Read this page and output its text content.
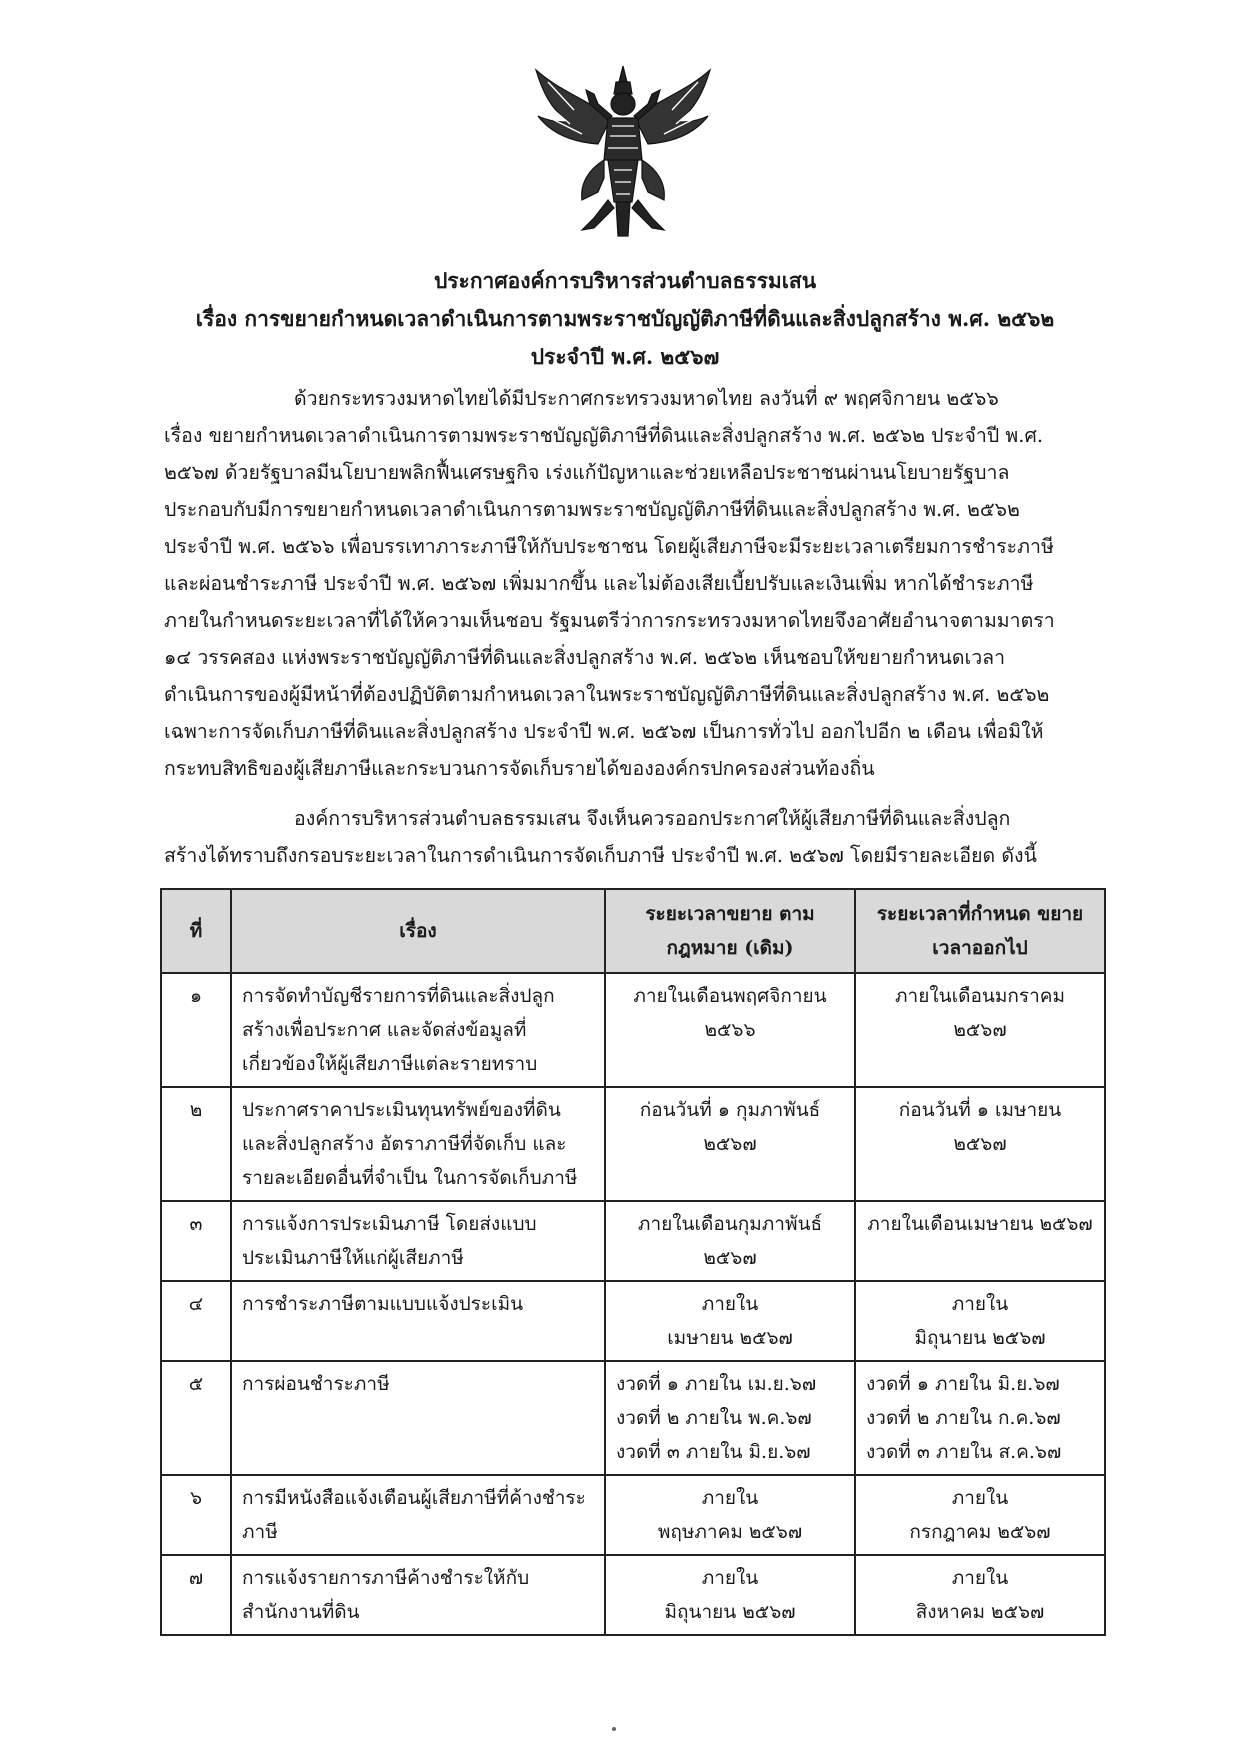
ประกาศองค์การบริหารส่วนตำบลธรรมเสน
เรื่อง การขยายกำหนดเวลาดำเนินการตามพระราชบัญญัติภาษีที่ดินและสิ่งปลูกสร้าง พ.ศ. ๒๕๖๒
ประจำปี พ.ศ. ๒๕๖๗
ด้วยกระทรวงมหาดไทยได้มีประกาศกระทรวงมหาดไทย ลงวันที่ ๙ พฤศจิกายน ๒๕๖๖
เรื่อง ขยายกำหนดเวลาดำเนินการตามพระราชบัญญัติภาษีที่ดินและสิ่งปลูกสร้าง พ.ศ. ๒๕๖๒ ประจำปี พ.ศ.
๒๕๖๗ ด้วยรัฐบาลมีนโยบายพลิกฟื้นเศรษฐกิจ เร่งแก้ปัญหาและช่วยเหลือประชาชนผ่านนโยบายรัฐบาล
ประกอบกับมีการขยายกำหนดเวลาดำเนินการตามพระราชบัญญัติภาษีที่ดินและสิ่งปลูกสร้าง พ.ศ. ๒๕๖๒
ประจำปี พ.ศ. ๒๕๖๖ เพื่อบรรเทาภาระภาษีให้กับประชาชน โดยผู้เสียภาษีจะมีระยะเวลาเตรียมการชำระภาษี
และผ่อนชำระภาษี ประจำปี พ.ศ. ๒๕๖๗ เพิ่มมากขึ้น และไม่ต้องเสียเบี้ยปรับและเงินเพิ่ม หากได้ชำระภาษี
ภายในกำหนดระยะเวลาที่ได้ให้ความเห็นชอบ รัฐมนตรีว่าการกระทรวงมหาดไทยจึงอาศัยอำนาจตามมาตรา
๑๔ วรรคสอง แห่งพระราชบัญญัติภาษีที่ดินและสิ่งปลูกสร้าง พ.ศ. ๒๕๖๒ เห็นชอบให้ขยายกำหนดเวลา
ดำเนินการของผู้มีหน้าที่ต้องปฏิบัติตามกำหนดเวลาในพระราชบัญญัติภาษีที่ดินและสิ่งปลูกสร้าง พ.ศ. ๒๕๖๒
เฉพาะการจัดเก็บภาษีที่ดินและสิ่งปลูกสร้าง ประจำปี พ.ศ. ๒๕๖๗ เป็นการทั่วไป ออกไปอีก ๒ เดือน เพื่อมิให้
กระทบสิทธิของผู้เสียภาษีและกระบวนการจัดเก็บรายได้ขององค์กรปกครองส่วนท้องถิ่น
องค์การบริหารส่วนตำบลธรรมเสน จึงเห็นควรออกประกาศให้ผู้เสียภาษีที่ดินและสิ่งปลูก
สร้างได้ทราบถึงกรอบระยะเวลาในการดำเนินการจัดเก็บภาษี ประจำปี พ.ศ. ๒๕๖๗ โดยมีรายละเอียด ดังนี้
ที่	เรื่อง	ระยะเวลาขยาย ตามกฎหมาย (เดิม)	ระยะเวลาที่กำหนด ขยายเวลาออกไป
๑	การจัดทำบัญชีรายการที่ดินและสิ่งปลูก
สร้างเพื่อประกาศ และจัดส่งข้อมูลที่
เกี่ยวข้องให้ผู้เสียภาษีแต่ละรายทราบ	ภายในเดือนพฤศจิกายน
๒๕๖๖	ภายในเดือนมกราคม
๒๕๖๗

๒	ประกาศราคาประเมินทุนทรัพย์ของที่ดิน
และสิ่งปลูกสร้าง อัตราภาษีที่จัดเก็บ และ
รายละเอียดอื่นที่จำเป็น ในการจัดเก็บภาษี	ก่อนวันที่ ๑ กุมภาพันธ์
๒๕๖๗	ก่อนวันที่ ๑ เมษายน
๒๕๖๗

๓	การแจ้งการประเมินภาษี โดยส่งแบบ
ประเมินภาษีให้แก่ผู้เสียภาษี	ภายในเดือนกุมภาพันธ์
๒๕๖๗	ภายในเดือนเมษายน ๒๕๖๗

๔	การชำระภาษีตามแบบแจ้งประเมิน	ภายใน
เมษายน ๒๕๖๗	ภายใน
มิถุนายน ๒๕๖๗

๕	การผ่อนชำระภาษี	งวดที่ ๑ ภายใน เม.ย.๖๗
งวดที่ ๒ ภายใน พ.ค.๖๗
งวดที่ ๓ ภายใน มิ.ย.๖๗	งวดที่ ๑ ภายใน มิ.ย.๖๗
งวดที่ ๒ ภายใน ก.ค.๖๗
งวดที่ ๓ ภายใน ส.ค.๖๗

๖	การมีหนังสือแจ้งเตือนผู้เสียภาษีที่ค้างชำระ
ภาษี	ภายใน
พฤษภาคม ๒๕๖๗	ภายใน
กรกฎาคม ๒๕๖๗

๗	การแจ้งรายการภาษีค้างชำระให้กับ
สำนักงานที่ดิน	ภายใน
มิถุนายน ๒๕๖๗	ภายใน
สิงหาคม ๒๕๖๗
